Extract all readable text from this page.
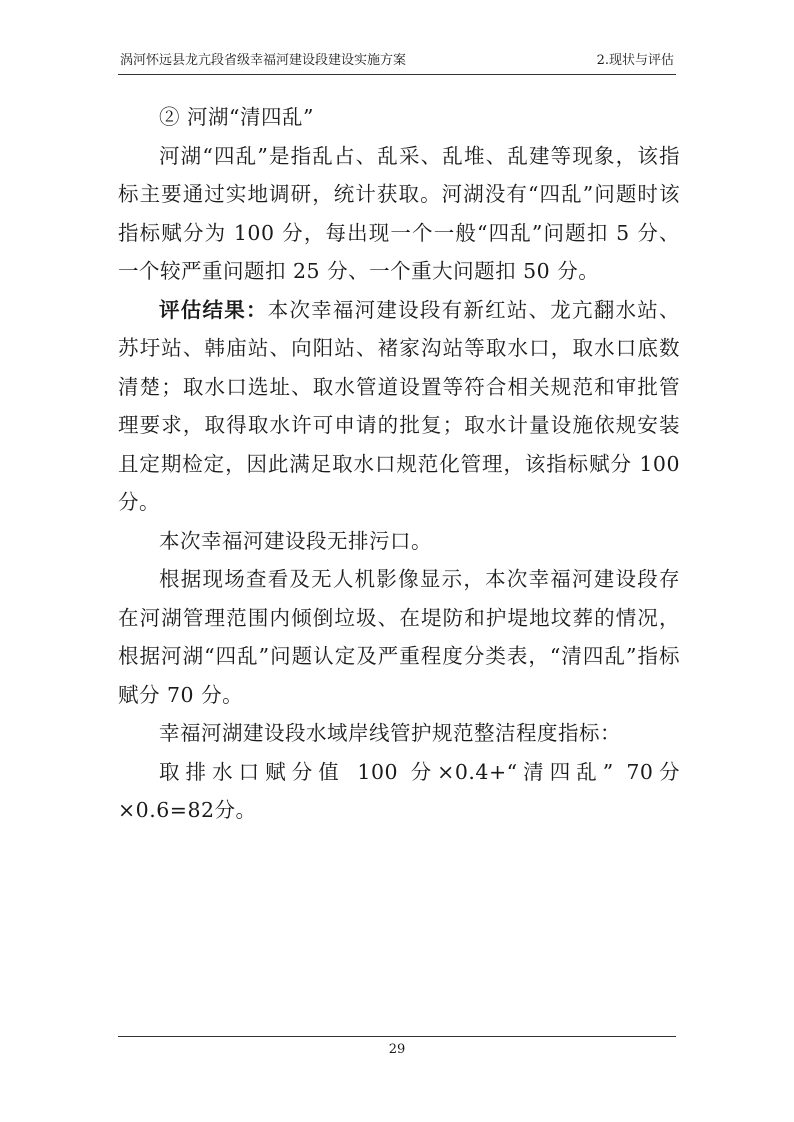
涡河怀远县龙亢段省级幸福河建设段建设实施方案	2.现状与评估

② 河湖“清四乱”

河湖“四乱”是指乱占、乱采、乱堆、乱建等现象，该指标主要通过实地调研，统计获取。河湖没有“四乱”问题时该指标赋分为 100 分，每出现一个一般“四乱”问题扣 5 分、一个较严重问题扣 25 分、一个重大问题扣 50 分。

评估结果：本次幸福河建设段有新红站、龙亢翻水站、苏圩站、韩庙站、向阳站、褚家沟站等取水口，取水口底数清楚；取水口选址、取水管道设置等符合相关规范和审批管理要求，取得取水许可申请的批复；取水计量设施依规安装且定期检定，因此满足取水口规范化管理，该指标赋分 100 分。

本次幸福河建设段无排污口。

根据现场查看及无人机影像显示，本次幸福河建设段存在河湖管理范围内倾倒垃圾、在堤防和护堤地坟葬的情况，根据河湖“四乱”问题认定及严重程度分类表，“清四乱”指标赋分 70 分。

幸福河湖建设段水域岸线管护规范整洁程度指标：

取排水口赋分值 100 分×0.4+“清四乱” 70分×0.6=82分。

29
